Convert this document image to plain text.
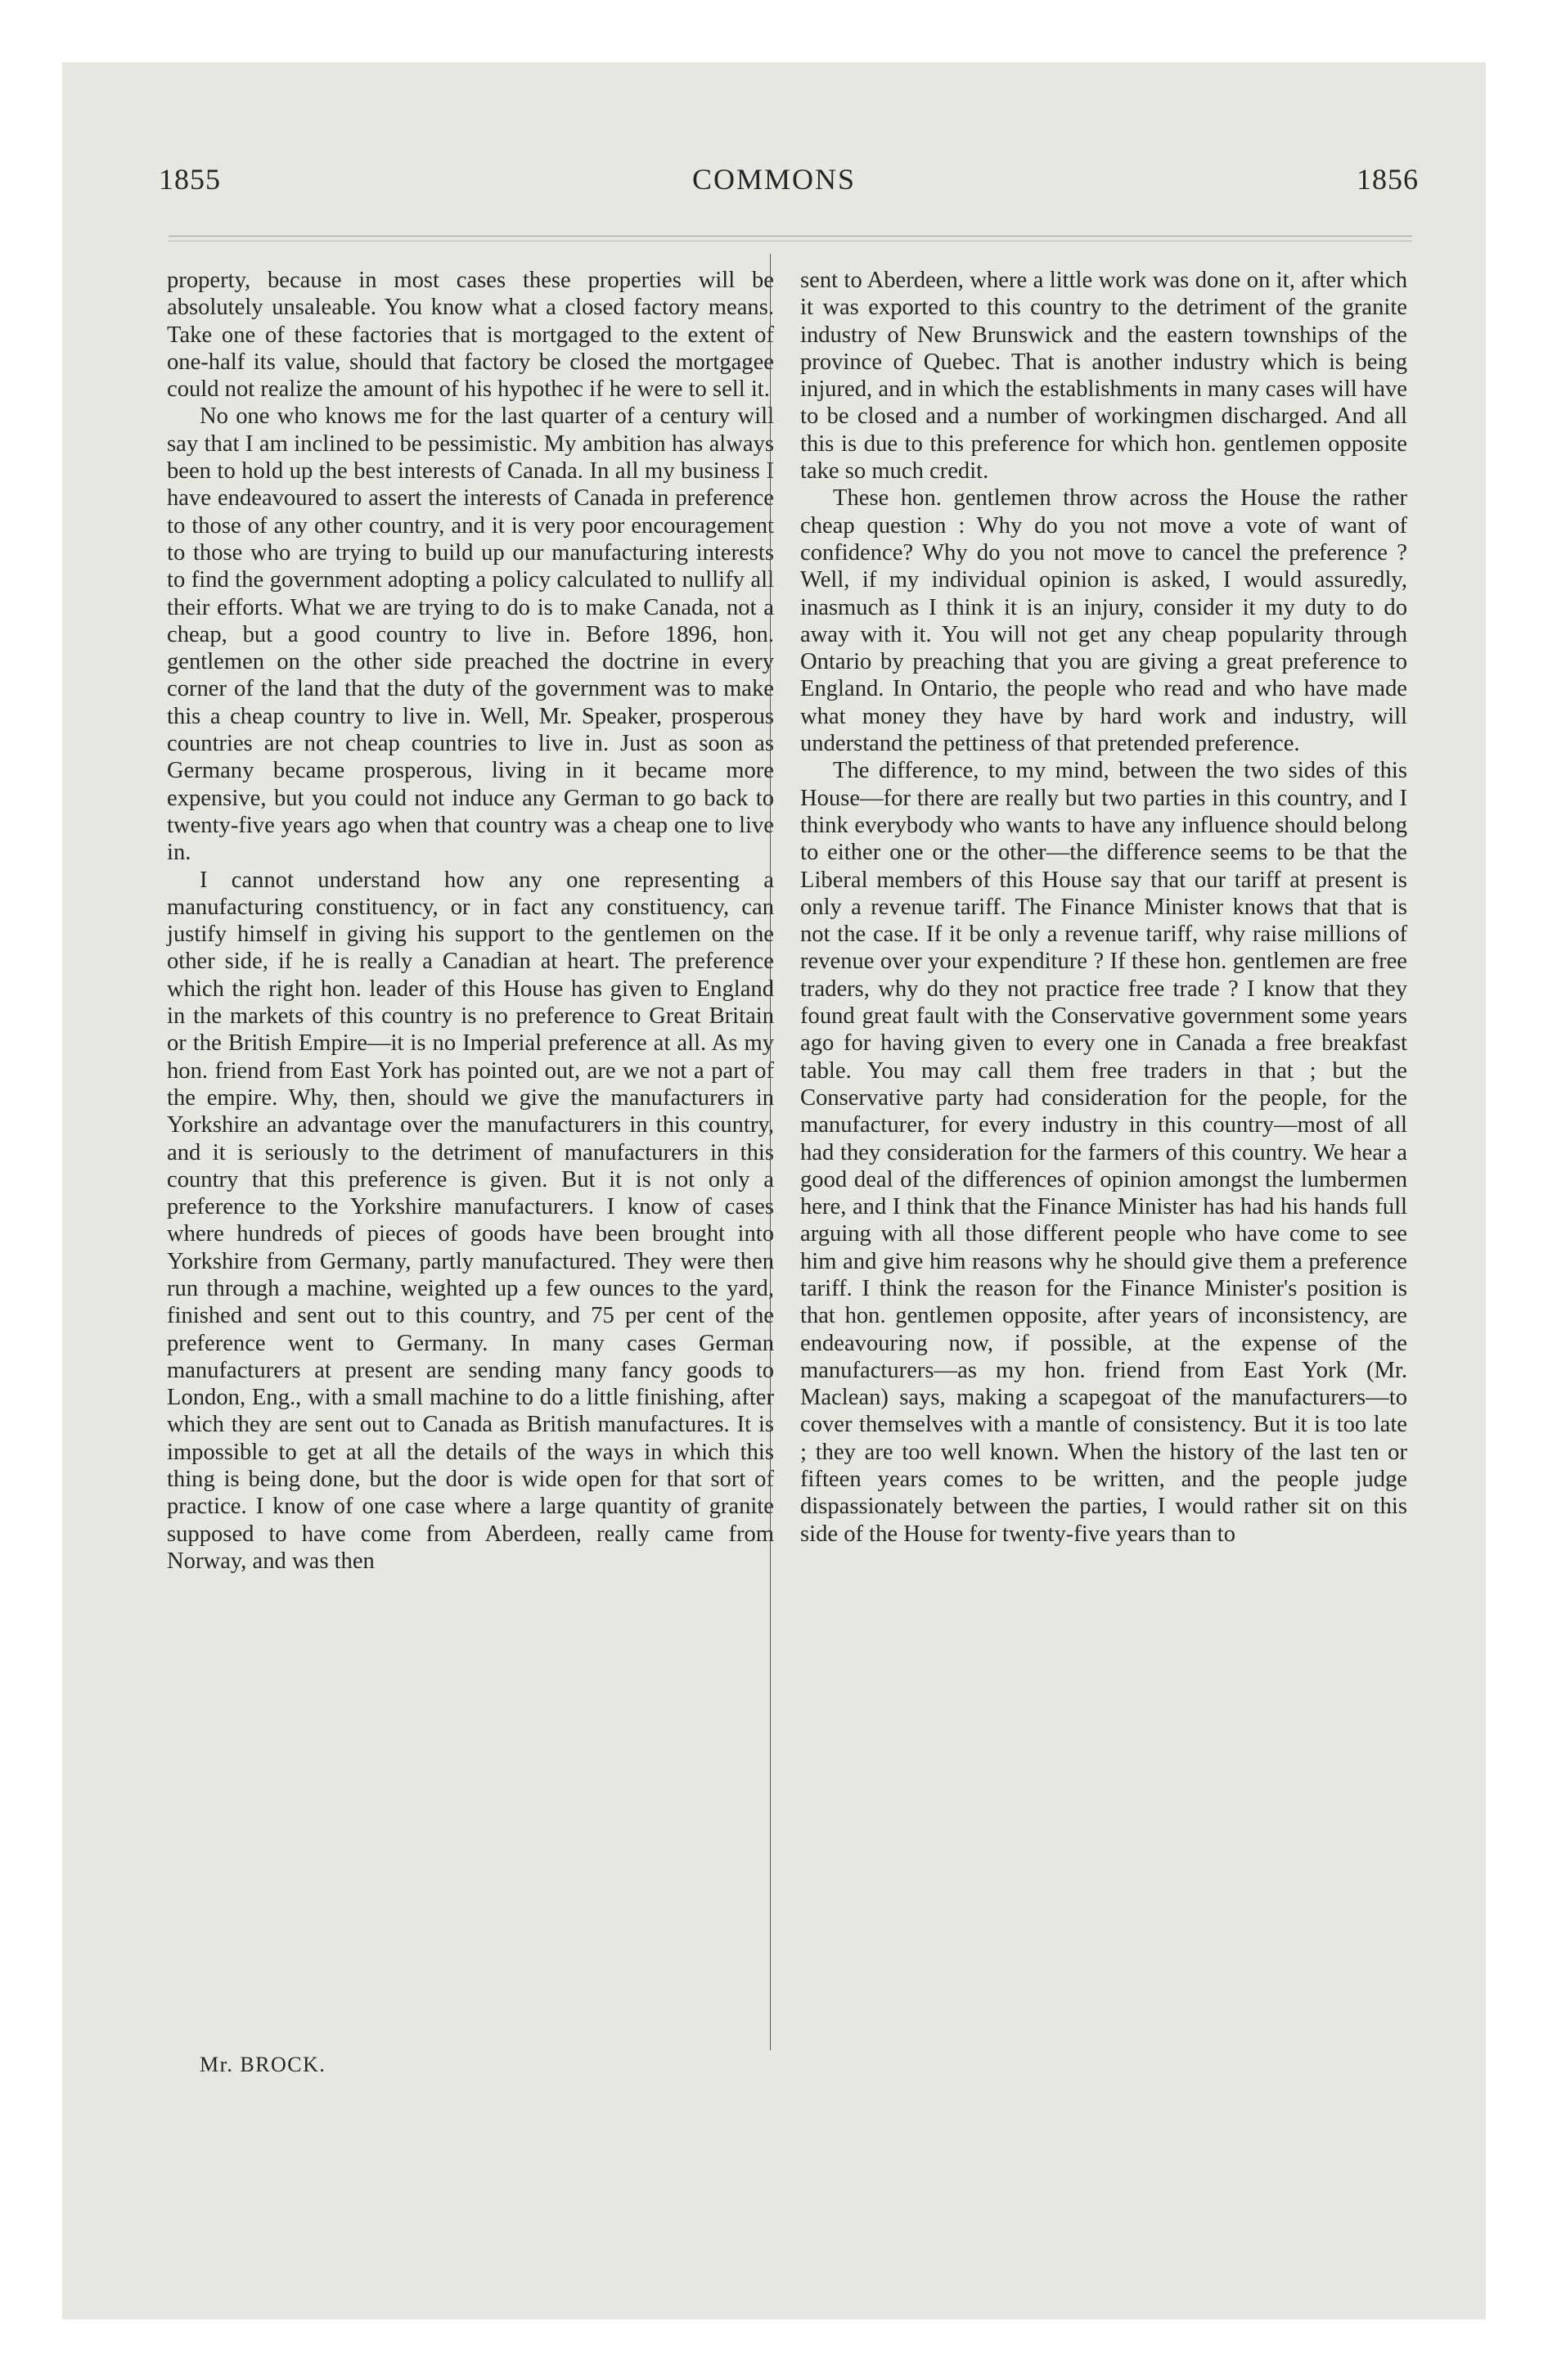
1855	COMMONS	1856

property, because in most cases these properties will be absolutely unsaleable. You know what a closed factory means. Take one of these factories that is mortgaged to the extent of one-half its value, should that factory be closed the mortgagee could not realize the amount of his hypothec if he were to sell it.

No one who knows me for the last quarter of a century will say that I am inclined to be pessimistic. My ambition has always been to hold up the best interests of Canada. In all my business I have endeavoured to assert the interests of Canada in preference to those of any other country, and it is very poor encouragement to those who are trying to build up our manufacturing interests to find the government adopting a policy calculated to nullify all their efforts. What we are trying to do is to make Canada, not a cheap, but a good country to live in. Before 1896, hon. gentlemen on the other side preached the doctrine in every corner of the land that the duty of the government was to make this a cheap country to live in. Well, Mr. Speaker, prosperous countries are not cheap countries to live in. Just as soon as Germany became prosperous, living in it became more expensive, but you could not induce any German to go back to twenty-five years ago when that country was a cheap one to live in.

I cannot understand how any one representing a manufacturing constituency, or in fact any constituency, can justify himself in giving his support to the gentlemen on the other side, if he is really a Canadian at heart. The preference which the right hon. leader of this House has given to England in the markets of this country is no preference to Great Britain or the British Empire—it is no Imperial preference at all. As my hon. friend from East York has pointed out, are we not a part of the empire. Why, then, should we give the manufacturers in Yorkshire an advantage over the manufacturers in this country, and it is seriously to the detriment of manufacturers in this country that this preference is given. But it is not only a preference to the Yorkshire manufacturers. I know of cases where hundreds of pieces of goods have been brought into Yorkshire from Germany, partly manufactured. They were then run through a machine, weighted up a few ounces to the yard, finished and sent out to this country, and 75 per cent of the preference went to Germany. In many cases German manufacturers at present are sending many fancy goods to London, Eng., with a small machine to do a little finishing, after which they are sent out to Canada as British manufactures. It is impossible to get at all the details of the ways in which this thing is being done, but the door is wide open for that sort of practice. I know of one case where a large quantity of granite supposed to have come from Aberdeen, really came from Norway, and was then

sent to Aberdeen, where a little work was done on it, after which it was exported to this country to the detriment of the granite industry of New Brunswick and the eastern townships of the province of Quebec. That is another industry which is being injured, and in which the establishments in many cases will have to be closed and a number of workingmen discharged. And all this is due to this preference for which hon. gentlemen opposite take so much credit.

These hon. gentlemen throw across the House the rather cheap question : Why do you not move a vote of want of confidence? Why do you not move to cancel the preference ? Well, if my individual opinion is asked, I would assuredly, inasmuch as I think it is an injury, consider it my duty to do away with it. You will not get any cheap popularity through Ontario by preaching that you are giving a great preference to England. In Ontario, the people who read and who have made what money they have by hard work and industry, will understand the pettiness of that pretended preference.

The difference, to my mind, between the two sides of this House—for there are really but two parties in this country, and I think everybody who wants to have any influence should belong to either one or the other—the difference seems to be that the Liberal members of this House say that our tariff at present is only a revenue tariff. The Finance Minister knows that that is not the case. If it be only a revenue tariff, why raise millions of revenue over your expenditure ? If these hon. gentlemen are free traders, why do they not practice free trade ? I know that they found great fault with the Conservative government some years ago for having given to every one in Canada a free breakfast table. You may call them free traders in that ; but the Conservative party had consideration for the people, for the manufacturer, for every industry in this country—most of all had they consideration for the farmers of this country. We hear a good deal of the differences of opinion amongst the lumbermen here, and I think that the Finance Minister has had his hands full arguing with all those different people who have come to see him and give him reasons why he should give them a preference tariff. I think the reason for the Finance Minister's position is that hon. gentlemen opposite, after years of inconsistency, are endeavouring now, if possible, at the expense of the manufacturers—as my hon. friend from East York (Mr. Maclean) says, making a scapegoat of the manufacturers—to cover themselves with a mantle of consistency. But it is too late ; they are too well known. When the history of the last ten or fifteen years comes to be written, and the people judge dispassionately between the parties, I would rather sit on this side of the House for twenty-five years than to

Mr. BROCK.
